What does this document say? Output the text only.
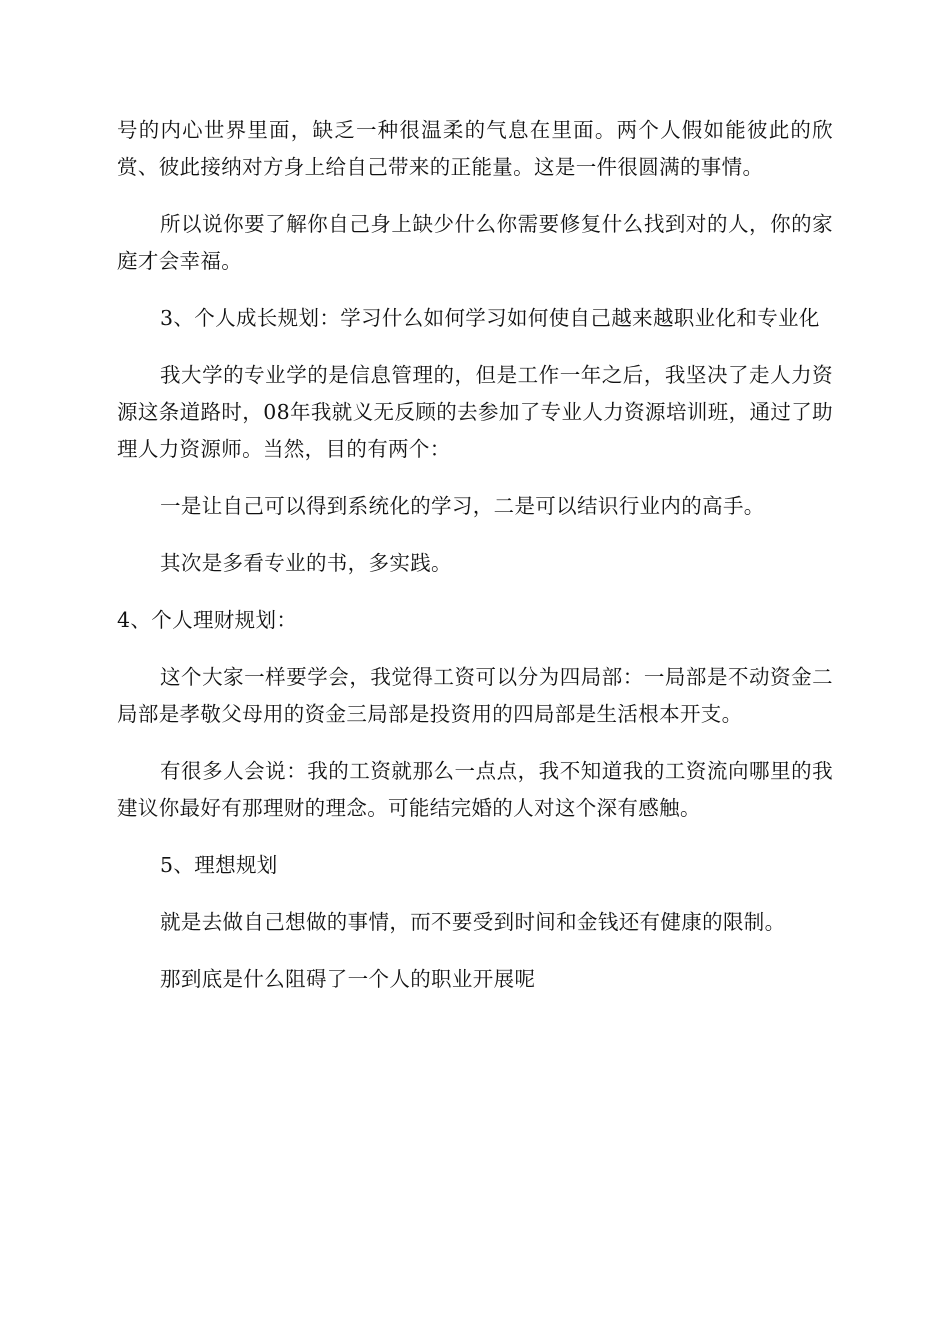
号的内心世界里面，缺乏一种很温柔的气息在里面。两个人假如能彼此的欣赏、彼此接纳对方身上给自己带来的正能量。这是一件很圆满的事情。

所以说你要了解你自己身上缺少什么你需要修复什么找到对的人，你的家庭才会幸福。

3、个人成长规划：学习什么如何学习如何使自己越来越职业化和专业化

我大学的专业学的是信息管理的，但是工作一年之后，我坚决了走人力资源这条道路时，08年我就义无反顾的去参加了专业人力资源培训班，通过了助理人力资源师。当然，目的有两个：

一是让自己可以得到系统化的学习，二是可以结识行业内的高手。

其次是多看专业的书，多实践。

4、个人理财规划：

这个大家一样要学会，我觉得工资可以分为四局部：一局部是不动资金二局部是孝敬父母用的资金三局部是投资用的四局部是生活根本开支。

有很多人会说：我的工资就那么一点点，我不知道我的工资流向哪里的我建议你最好有那理财的理念。可能结完婚的人对这个深有感触。

5、理想规划

就是去做自己想做的事情，而不要受到时间和金钱还有健康的限制。

那到底是什么阻碍了一个人的职业开展呢
